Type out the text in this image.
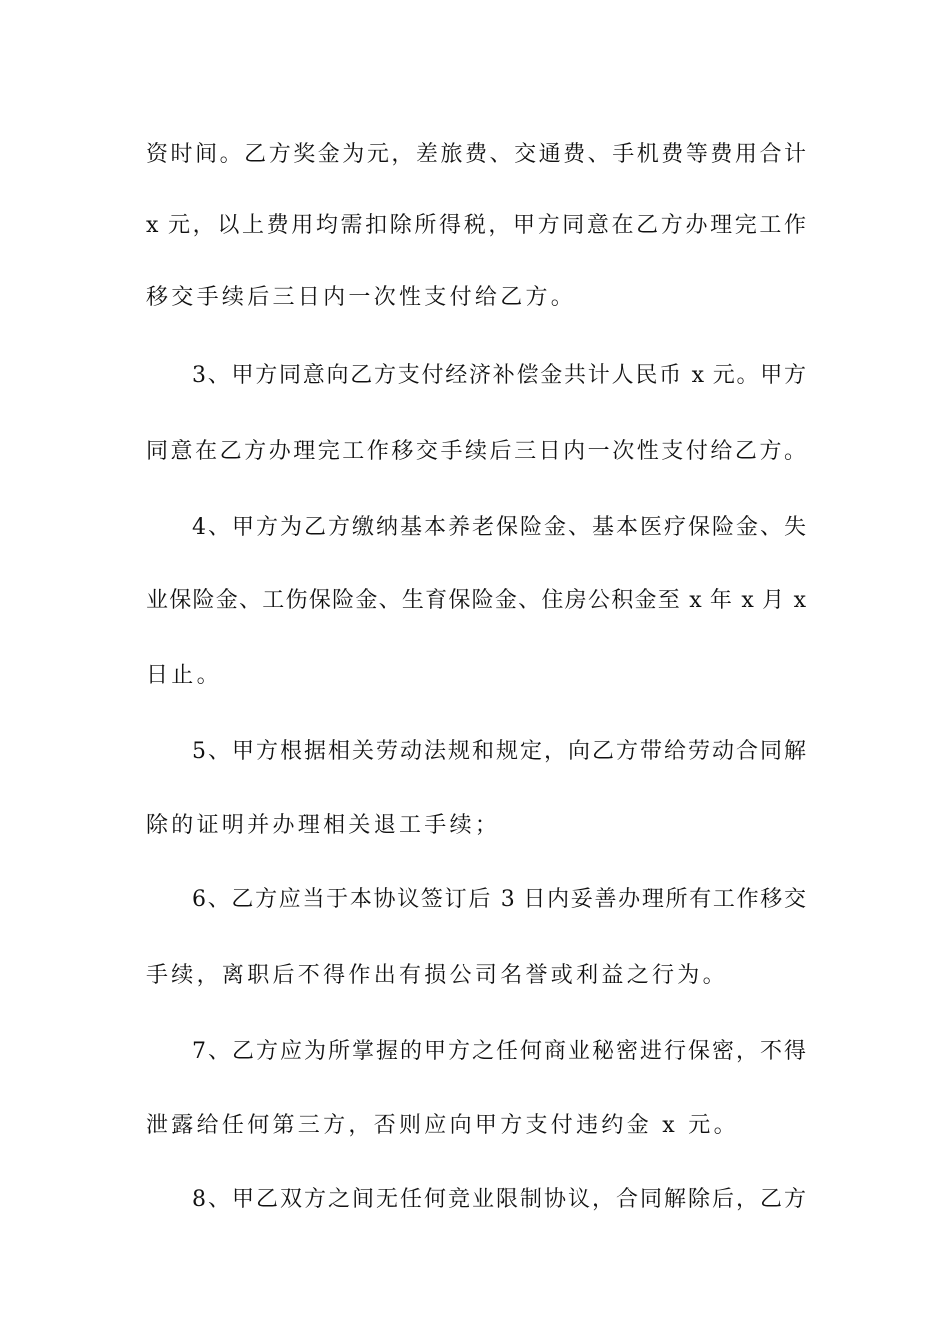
资时间。乙方奖金为元，差旅费、交通费、手机费等费用合计
x 元，以上费用均需扣除所得税，甲方同意在乙方办理完工作
移交手续后三日内一次性支付给乙方。
3、甲方同意向乙方支付经济补偿金共计人民币 x 元。甲方
同意在乙方办理完工作移交手续后三日内一次性支付给乙方。
4、甲方为乙方缴纳基本养老保险金、基本医疗保险金、失
业保险金、工伤保险金、生育保险金、住房公积金至 x 年 x 月 x
日止。
5、甲方根据相关劳动法规和规定，向乙方带给劳动合同解
除的证明并办理相关退工手续；
6、乙方应当于本协议签订后 3 日内妥善办理所有工作移交
手续，离职后不得作出有损公司名誉或利益之行为。
7、乙方应为所掌握的甲方之任何商业秘密进行保密，不得
泄露给任何第三方，否则应向甲方支付违约金 x 元。
8、甲乙双方之间无任何竞业限制协议，合同解除后，乙方
